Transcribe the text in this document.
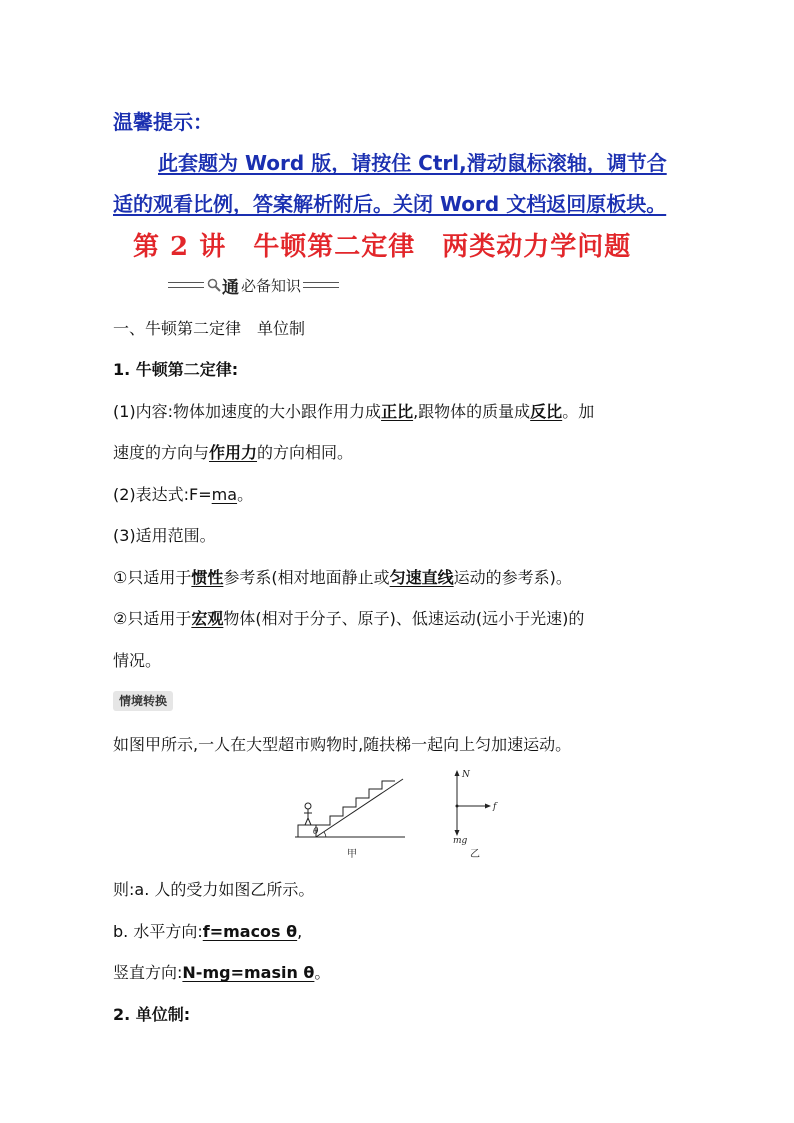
温馨提示：
此套题为 Word 版，请按住 Ctrl,滑动鼠标滚轴，调节合
适的观看比例，答案解析附后。关闭 Word 文档返回原板块。
第 2 讲　牛顿第二定律　两类动力学问题
通 必备知识
一、牛顿第二定律　单位制
1. 牛顿第二定律:
(1)内容:物体加速度的大小跟作用力成正比,跟物体的质量成反比。加
速度的方向与作用力的方向相同。
(2)表达式:F=ma。
(3)适用范围。
①只适用于惯性参考系(相对地面静止或匀速直线运动的参考系)。
②只适用于宏观物体(相对于分子、原子)、低速运动(远小于光速)的
情况。
情境转换
如图甲所示,一人在大型超市购物时,随扶梯一起向上匀加速运动。
θ
甲
N
f
mg
乙
则:a. 人的受力如图乙所示。
b. 水平方向:f=macos θ,
竖直方向:N-mg=masin θ。
2. 单位制:
